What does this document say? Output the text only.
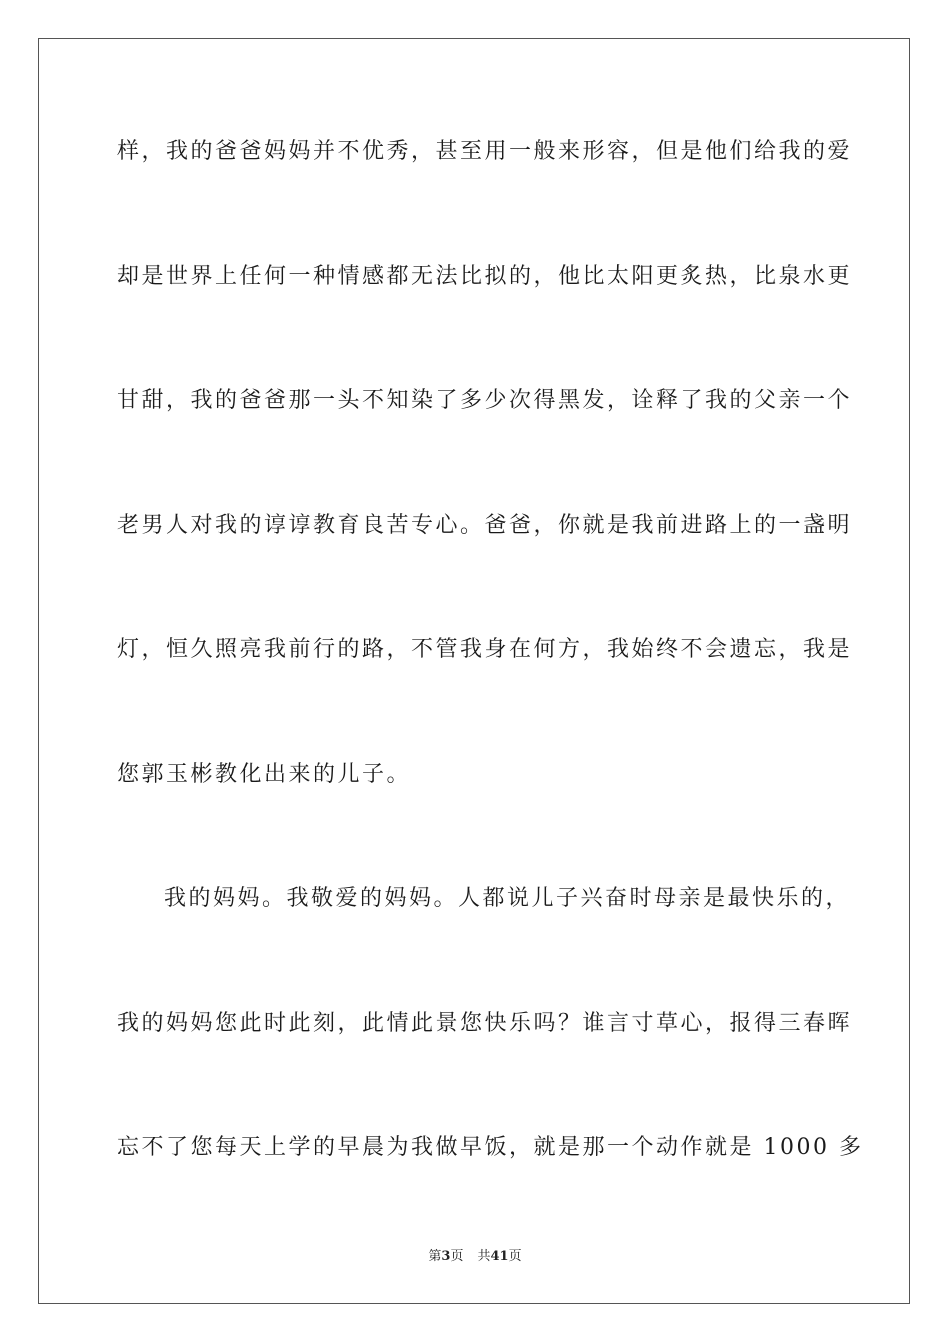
样，我的爸爸妈妈并不优秀，甚至用一般来形容，但是他们给我的爱
却是世界上任何一种情感都无法比拟的，他比太阳更炙热，比泉水更
甘甜，我的爸爸那一头不知染了多少次得黑发，诠释了我的父亲一个
老男人对我的谆谆教育良苦专心。爸爸，你就是我前进路上的一盏明
灯，恒久照亮我前行的路，不管我身在何方，我始终不会遗忘，我是
您郭玉彬教化出来的儿子。
我的妈妈。我敬爱的妈妈。人都说儿子兴奋时母亲是最快乐的，
我的妈妈您此时此刻，此情此景您快乐吗？谁言寸草心，报得三春晖
忘不了您每天上学的早晨为我做早饭，就是那一个动作就是 1000 多
第3页 共41页
